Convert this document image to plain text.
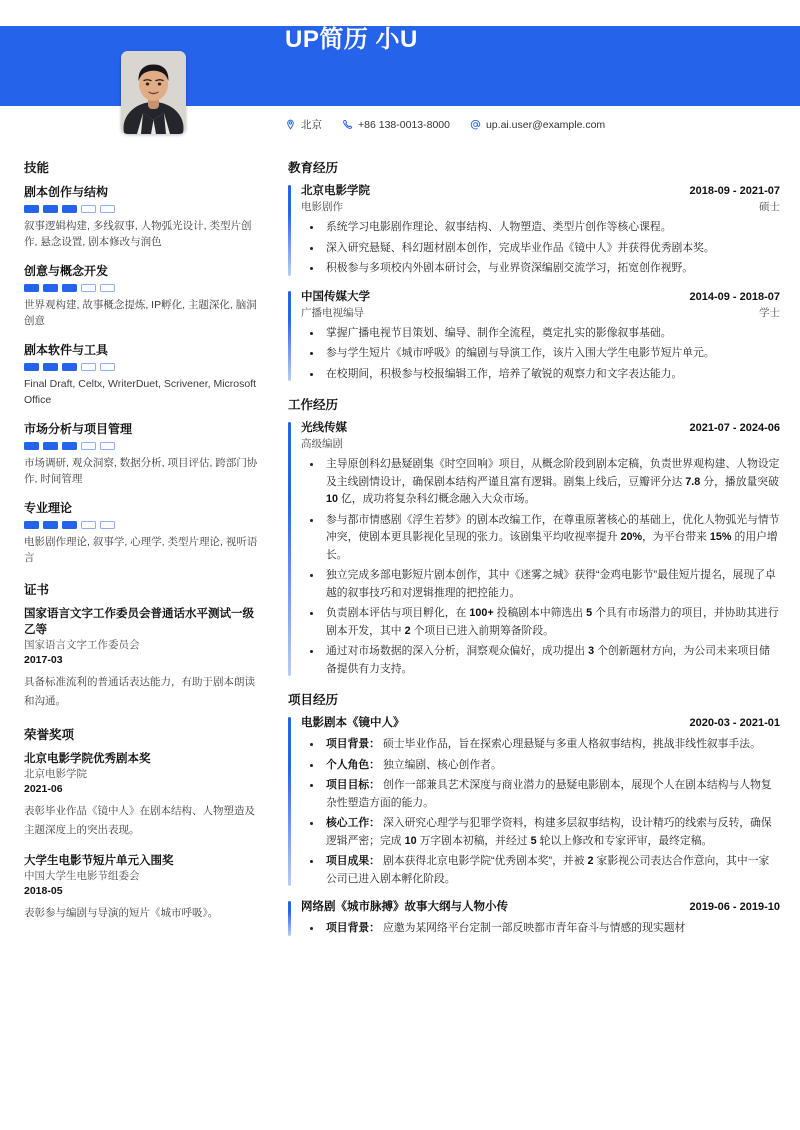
UP简历 小U
北京	+86 138-0013-8000	up.ai.user@example.com
技能
剧本创作与结构
叙事逻辑构建, 多线叙事, 人物弧光设计, 类型片创作, 悬念设置, 剧本修改与润色
创意与概念开发
世界观构建, 故事概念提炼, IP孵化, 主题深化, 脑洞创意
剧本软件与工具
Final Draft, Celtx, WriterDuet, Scrivener, Microsoft Office
市场分析与项目管理
市场调研, 观众洞察, 数据分析, 项目评估, 跨部门协作, 时间管理
专业理论
电影剧作理论, 叙事学, 心理学, 类型片理论, 视听语言
证书
国家语言文字工作委员会普通话水平测试一级乙等
国家语言文字工作委员会
2017-03
具备标准流利的普通话表达能力，有助于剧本朗读和沟通。
荣誉奖项
北京电影学院优秀剧本奖
北京电影学院
2021-06
表彰毕业作品《镜中人》在剧本结构、人物塑造及主题深度上的突出表现。
大学生电影节短片单元入围奖
中国大学生电影节组委会
2018-05
表彰参与编剧与导演的短片《城市呼吸》。
教育经历
北京电影学院	2018-09 - 2021-07
电影剧作	硕士
系统学习电影剧作理论、叙事结构、人物塑造、类型片创作等核心课程。
深入研究悬疑、科幻题材剧本创作，完成毕业作品《镜中人》并获得优秀剧本奖。
积极参与多项校内外剧本研讨会，与业界资深编剧交流学习，拓宽创作视野。
中国传媒大学	2014-09 - 2018-07
广播电视编导	学士
掌握广播电视节目策划、编导、制作全流程，奠定扎实的影像叙事基础。
参与学生短片《城市呼吸》的编剧与导演工作，该片入围大学生电影节短片单元。
在校期间，积极参与校报编辑工作，培养了敏锐的观察力和文字表达能力。
工作经历
光线传媒	2021-07 - 2024-06
高级编剧
主导原创科幻悬疑剧集《时空回响》项目，从概念阶段到剧本定稿，负责世界观构建、人物设定及主线剧情设计，确保剧本结构严谨且富有逻辑。剧集上线后，豆瓣评分达 7.8 分，播放量突破 10 亿，成功将复杂科幻概念融入大众市场。
参与都市情感剧《浮生若梦》的剧本改编工作，在尊重原著核心的基础上，优化人物弧光与情节冲突，使剧本更具影视化呈现的张力。该剧集平均收视率提升 20%，为平台带来 15% 的用户增长。
独立完成多部电影短片剧本创作，其中《迷雾之城》获得“金鸡电影节”最佳短片提名，展现了卓越的叙事技巧和对逻辑推理的把控能力。
负责剧本评估与项目孵化，在 100+ 投稿剧本中筛选出 5 个具有市场潜力的项目，并协助其进行剧本开发，其中 2 个项目已进入前期筹备阶段。
通过对市场数据的深入分析，洞察观众偏好，成功提出 3 个创新题材方向，为公司未来项目储备提供有力支持。
项目经历
电影剧本《镜中人》	2020-03 - 2021-01
项目背景： 硕士毕业作品，旨在探索心理悬疑与多重人格叙事结构，挑战非线性叙事手法。
个人角色： 独立编剧、核心创作者。
项目目标： 创作一部兼具艺术深度与商业潜力的悬疑电影剧本，展现个人在剧本结构与人物复杂性塑造方面的能力。
核心工作： 深入研究心理学与犯罪学资料，构建多层叙事结构，设计精巧的线索与反转，确保逻辑严密；完成 10 万字剧本初稿，并经过 5 轮以上修改和专家评审，最终定稿。
项目成果： 剧本获得北京电影学院“优秀剧本奖”，并被 2 家影视公司表达合作意向，其中一家公司已进入剧本孵化阶段。
网络剧《城市脉搏》故事大纲与人物小传	2019-06 - 2019-10
项目背景： 应邀为某网络平台定制一部反映都市青年奋斗与情感的现实题材
